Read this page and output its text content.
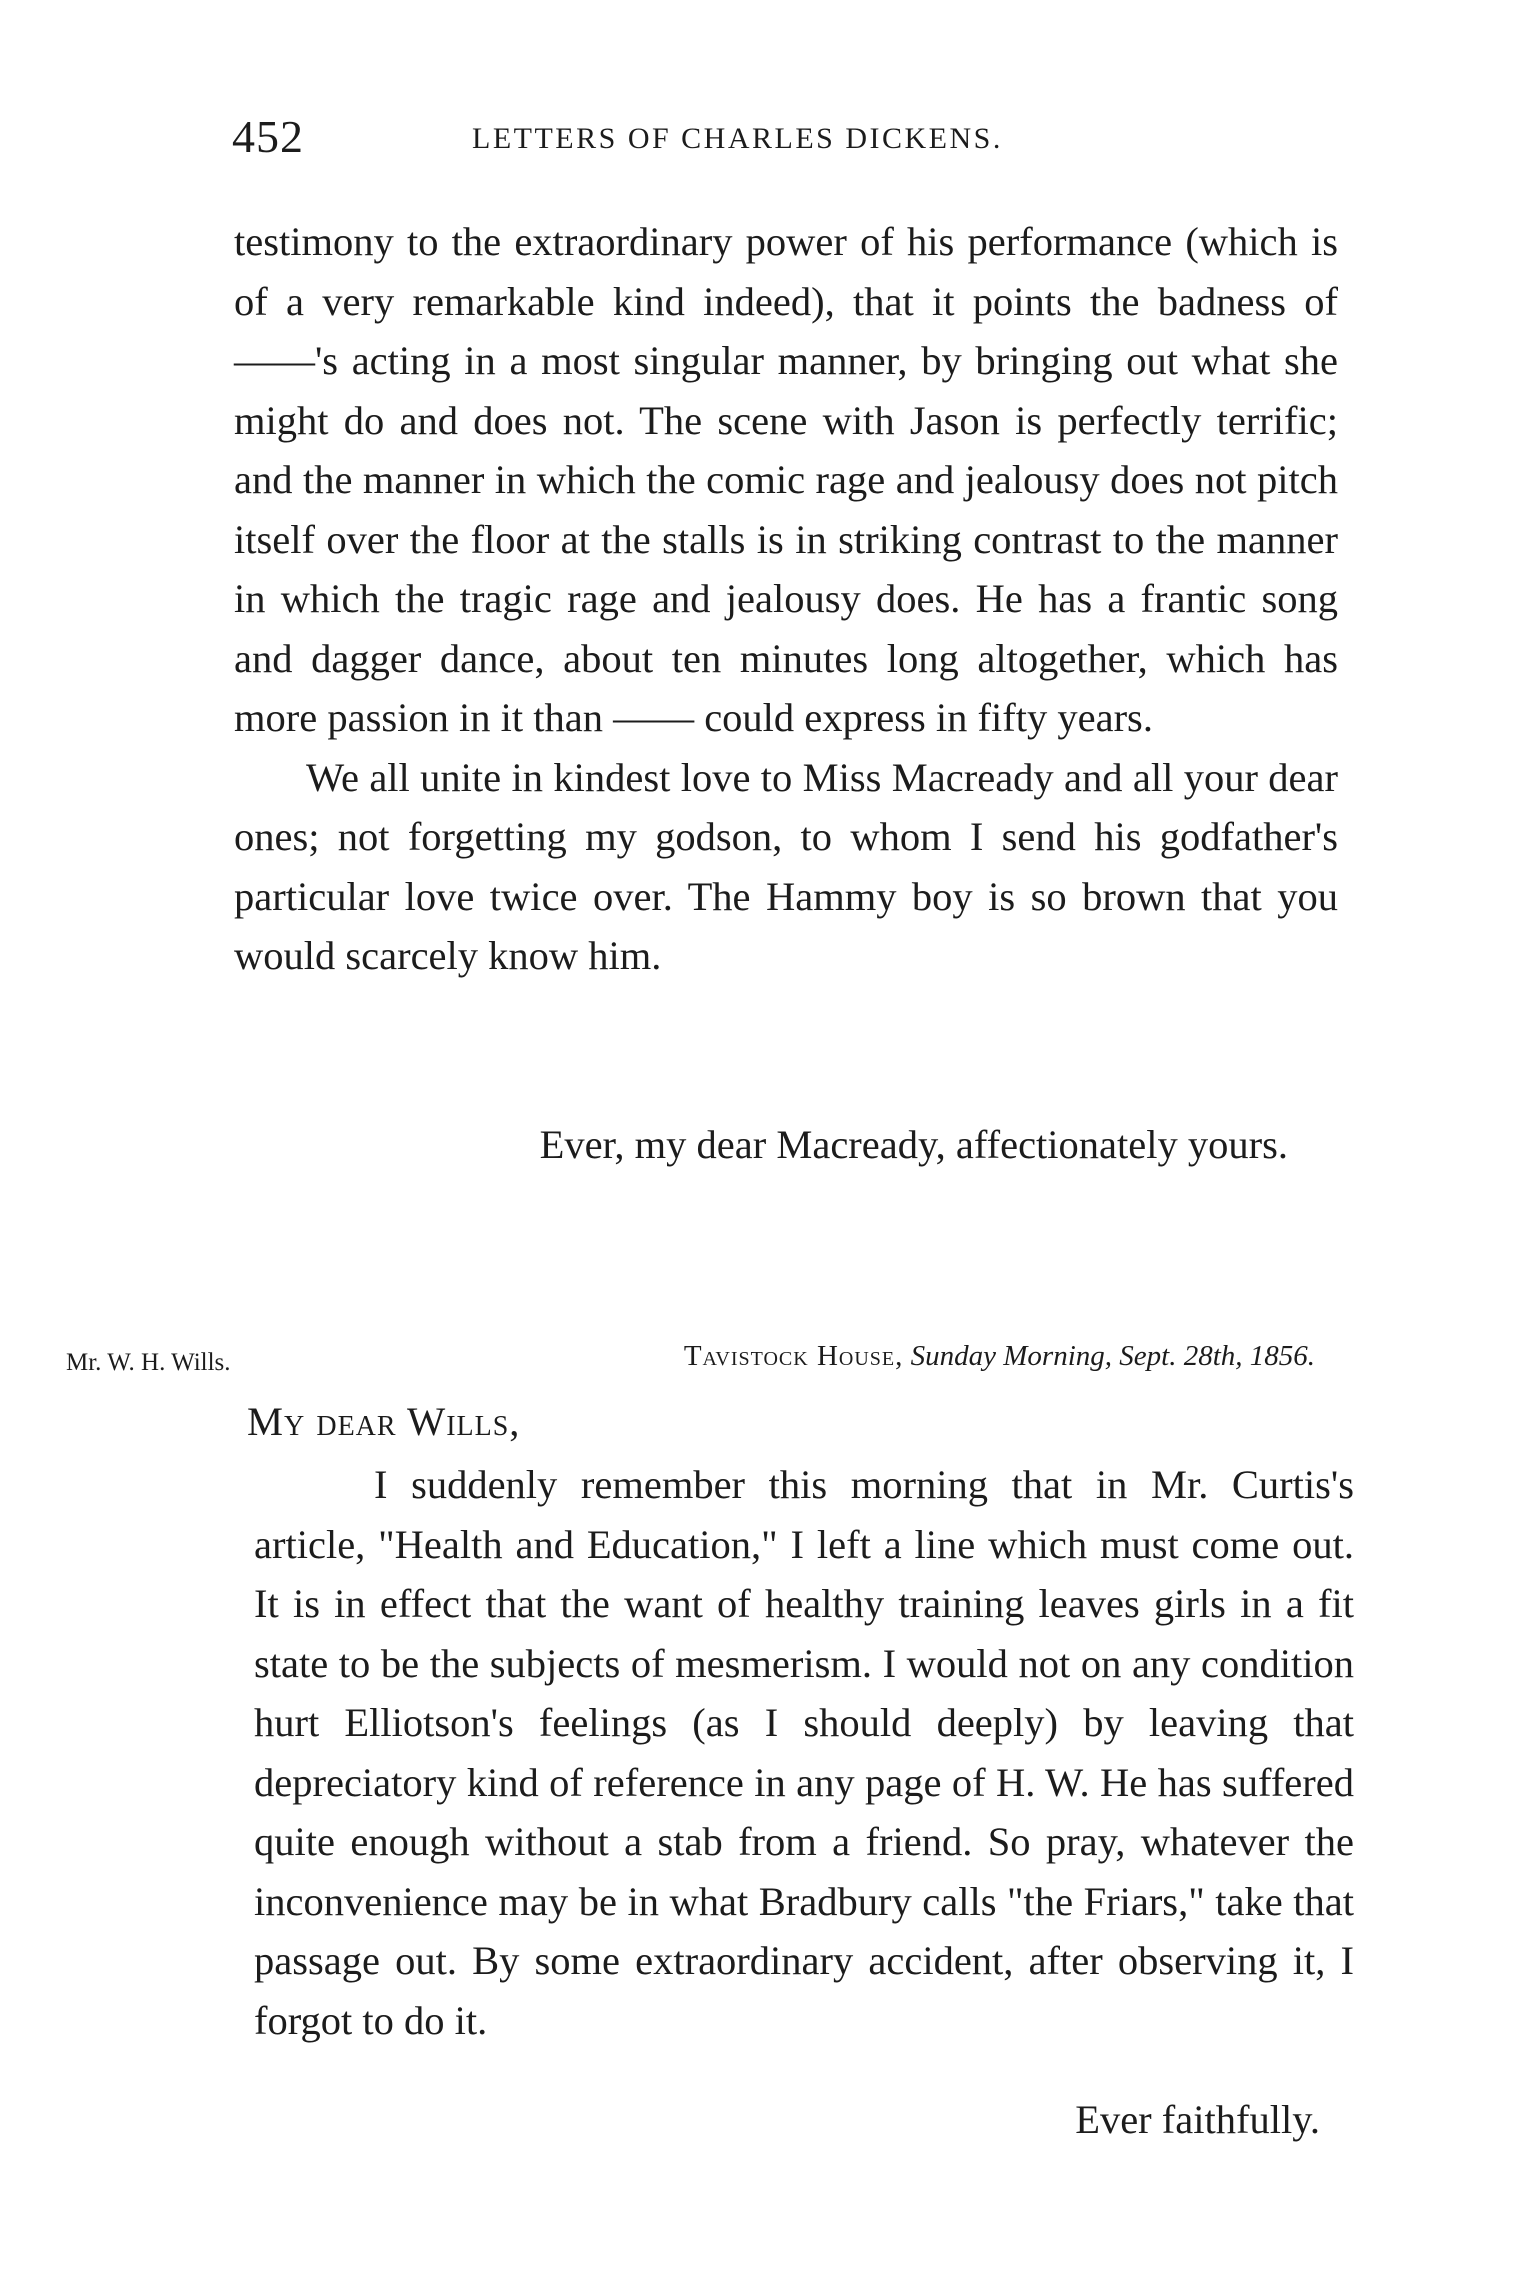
452	LETTERS OF CHARLES DICKENS.

testimony to the extraordinary power of his performance (which is of a very remarkable kind indeed), that it points the badness of ——'s acting in a most singular manner, by bringing out what she might do and does not. The scene with Jason is perfectly terrific; and the manner in which the comic rage and jealousy does not pitch itself over the floor at the stalls is in striking contrast to the manner in which the tragic rage and jealousy does. He has a frantic song and dagger dance, about ten minutes long altogether, which has more passion in it than —— could express in fifty years.

We all unite in kindest love to Miss Macready and all your dear ones; not forgetting my godson, to whom I send his godfather's particular love twice over. The Hammy boy is so brown that you would scarcely know him.

Ever, my dear Macready, affectionately yours.
Mr. W. H. Wills.	Tavistock House, Sunday Morning, Sept. 28th, 1856.
My dear Wills,

I suddenly remember this morning that in Mr. Curtis's article, "Health and Education," I left a line which must come out. It is in effect that the want of healthy training leaves girls in a fit state to be the subjects of mesmerism. I would not on any condition hurt Elliotson's feelings (as I should deeply) by leaving that depreciatory kind of reference in any page of H. W. He has suffered quite enough without a stab from a friend. So pray, whatever the inconvenience may be in what Bradbury calls "the Friars," take that passage out. By some extraordinary accident, after observing it, I forgot to do it.

Ever faithfully.
